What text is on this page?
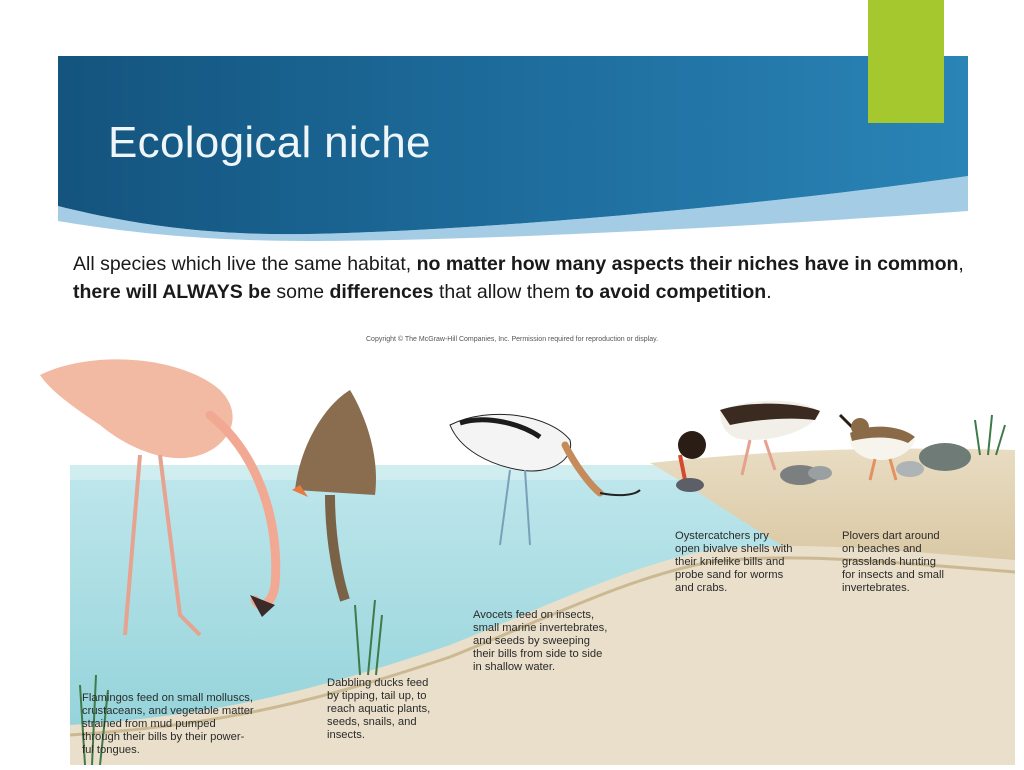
Ecological niche

All species which live the same habitat, no matter how many aspects their niches have in common, there will ALWAYS be some differences that allow them to avoid competition.

Copyright © The McGraw-Hill Companies, Inc. Permission required for reproduction or display.
Flamingos feed on small molluscs,
crustaceans, and vegetable matter
strained from mud pumped
through their bills by their power-
ful tongues.
Dabbling ducks feed
by tipping, tail up, to
reach aquatic plants,
seeds, snails, and
insects.
Avocets feed on insects,
small marine invertebrates,
and seeds by sweeping
their bills from side to side
in shallow water.
Oystercatchers pry
open bivalve shells with
their knifelike bills and
probe sand for worms
and crabs.
Plovers dart around
on beaches and
grasslands hunting
for insects and small
invertebrates.
